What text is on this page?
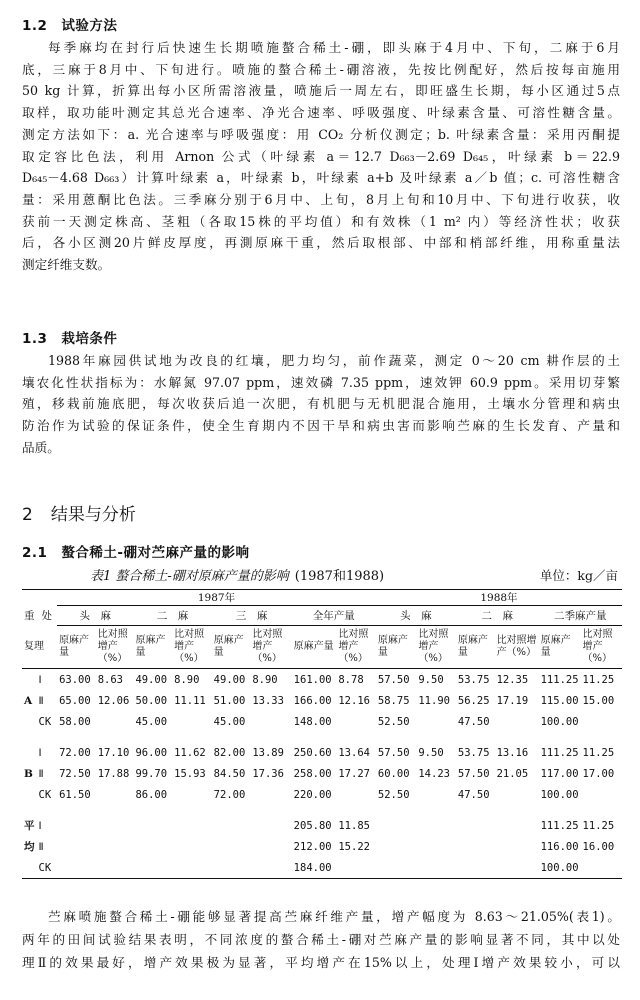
1.2 试验方法
每季麻均在封行后快速生长期喷施螯合稀土-硼，即头麻于4月中、下旬，二麻于6月
底，三麻于8月中、下旬进行。喷施的螯合稀土-硼溶液，先按比例配好，然后按每亩施用
50 kg 计算，折算出每小区所需溶液量，喷施后一周左右，即旺盛生长期，每小区通过5点
取样，取功能叶测定其总光合速率、净光合速率、呼吸强度、叶绿素含量、可溶性糖含量。
测定方法如下：a. 光合速率与呼吸强度：用 CO₂ 分析仪测定；b. 叶绿素含量：采用丙酮提
取定容比色法，利用 Arnon 公式（叶绿素 a＝12.7 D₆₆₃－2.69 D₆₄₅，叶绿素 b＝22.9
D₆₄₅－4.68 D₆₆₃）计算叶绿素 a，叶绿素 b，叶绿素 a+b 及叶绿素 a／b 值；c. 可溶性糖含
量：采用蒽酮比色法。三季麻分别于6月中、上旬，8月上旬和10月中、下旬进行收获，收
获前一天测定株高、茎粗（各取15株的平均值）和有效株（1 m² 内）等经济性状；收获
后，各小区测20片鲜皮厚度，再測原麻干重，然后取根部、中部和梢部纤维，用称重量法
测定纤维支数。
1.3 栽培条件
1988年麻园供试地为改良的红壤，肥力均匀，前作蔬菜，测定 0～20 cm 耕作层的土
壤农化性状指标为：水解氮 97.07 ppm，速效磷 7.35 ppm，速效钾 60.9 ppm。采用切芽繁
殖，移栽前施底肥，每次收获后追一次肥，有机肥与无机肥混合施用，土壤水分管理和病虫
防治作为试验的保证条件，使全生育期内不因干旱和病虫害而影响苎麻的生长发育、产量和
品质。
2 结果与分析
2.1 螯合稀土-硼对苎麻产量的影响
表1 螯合稀土-硼对原麻产量的影响 (1987和1988)	单位：kg／亩
		1987年								1988年					
重	处	头　麻		二　麻		三　麻		全年产量		头　麻		二　麻		二季麻产量	
复理		原麻产量	比对照增产（%）	原麻产量	比对照增产（%）	原麻产量	比对照增产（%）	原麻产量	比对照增产（%）	原麻产量	比对照增产（%）	原麻产量	比对照增产（%）	原麻产量	比对照增产（%）
	Ⅰ	63.00	8.63	49.00	8.90	49.00	8.90	161.00	8.78	57.50	9.50	53.75	12.35	111.25	11.25
A	Ⅱ	65.00	12.06	50.00	11.11	51.00	13.33	166.00	12.16	58.75	11.90	56.25	17.19	115.00	15.00
	CK	58.00		45.00		45.00		148.00		52.50		47.50		100.00	

	Ⅰ	72.00	17.10	96.00	11.62	82.00	13.89	250.60	13.64	57.50	9.50	53.75	13.16	111.25	11.25
B	Ⅱ	72.50	17.88	99.70	15.93	84.50	17.36	258.00	17.27	60.00	14.23	57.50	21.05	117.00	17.00
	CK	61.50		86.00		72.00		220.00		52.50		47.50		100.00	

平	Ⅰ							205.80	11.85					111.25	11.25
均	Ⅱ							212.00	15.22					116.00	16.00
	CK							184.00						100.00	
苎麻喷施螯合稀土-硼能够显著提高苎麻纤维产量，增产幅度为 8.63～21.05%(表1)。
两年的田间试验结果表明，不同浓度的螯合稀土-硼对苎麻产量的影响显著不同，其中以处
理Ⅱ的效果最好，增产效果极为显著，平均增产在15%以上，处理Ⅰ增产效果较小，可以
